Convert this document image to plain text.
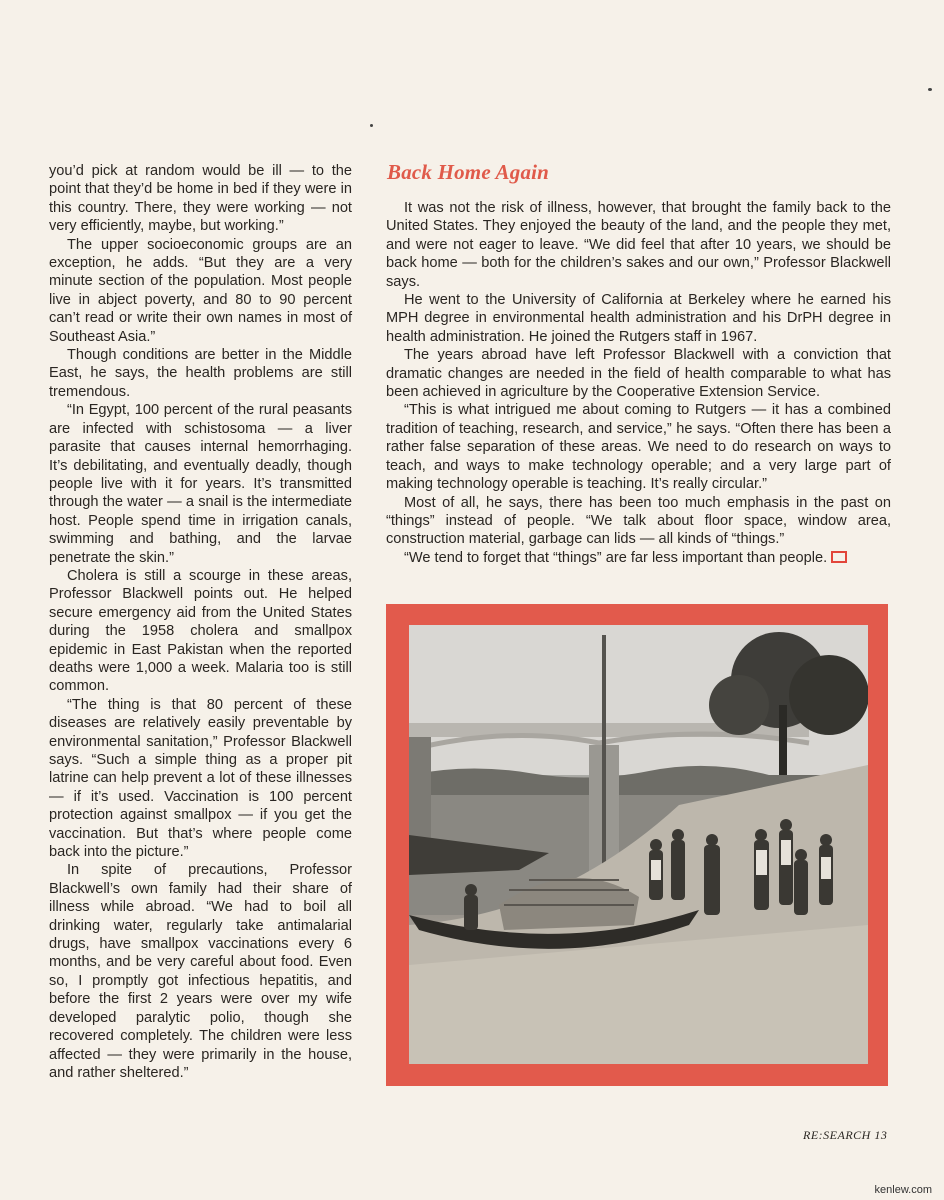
you’d pick at random would be ill — to the point that they’d be home in bed if they were in this country. There, they were working — not very efficiently, maybe, but working.”

The upper socioeconomic groups are an exception, he adds. “But they are a very minute section of the population. Most people live in abject poverty, and 80 to 90 percent can’t read or write their own names in most of Southeast Asia.”

Though conditions are better in the Middle East, he says, the health problems are still tremendous.

“In Egypt, 100 percent of the rural peasants are infected with schistosoma — a liver parasite that causes internal hemorrhaging. It’s debilitating, and eventually deadly, though people live with it for years. It’s transmitted through the water — a snail is the intermediate host. People spend time in irrigation canals, swimming and bathing, and the larvae penetrate the skin.”

Cholera is still a scourge in these areas, Professor Blackwell points out. He helped secure emergency aid from the United States during the 1958 cholera and smallpox epidemic in East Pakistan when the reported deaths were 1,000 a week. Malaria too is still common.

“The thing is that 80 percent of these diseases are relatively easily preventable by environmental sanitation,” Professor Blackwell says. “Such a simple thing as a proper pit latrine can help prevent a lot of these illnesses — if it’s used. Vaccination is 100 percent protection against smallpox — if you get the vaccination. But that’s where people come back into the picture.”

In spite of precautions, Professor Blackwell’s own family had their share of illness while abroad. “We had to boil all drinking water, regularly take antimalarial drugs, have smallpox vaccinations every 6 months, and be very careful about food. Even so, I promptly got infectious hepatitis, and before the first 2 years were over my wife developed paralytic polio, though she recovered completely. The children were less affected — they were primarily in the house, and rather sheltered.”

Back Home Again

It was not the risk of illness, however, that brought the family back to the United States. They enjoyed the beauty of the land, and the people they met, and were not eager to leave. “We did feel that after 10 years, we should be back home — both for the children’s sakes and our own,” Professor Blackwell says.

He went to the University of California at Berkeley where he earned his MPH degree in environmental health administration and his DrPH degree in health administration. He joined the Rutgers staff in 1967.

The years abroad have left Professor Blackwell with a conviction that dramatic changes are needed in the field of health comparable to what has been achieved in agriculture by the Cooperative Extension Service.

“This is what intrigued me about coming to Rutgers — it has a combined tradition of teaching, research, and service,” he says. “Often there has been a rather false separation of these areas. We need to do research on ways to teach, and ways to make technology operable; and a very large part of making technology operable is teaching. It’s really circular.”

Most of all, he says, there has been too much emphasis in the past on “things” instead of people. “We talk about floor space, window area, construction material, garbage can lids — all kinds of “things.”

“We tend to forget that “things” are far less important than people.

RE:SEARCH 13
kenlew.com
